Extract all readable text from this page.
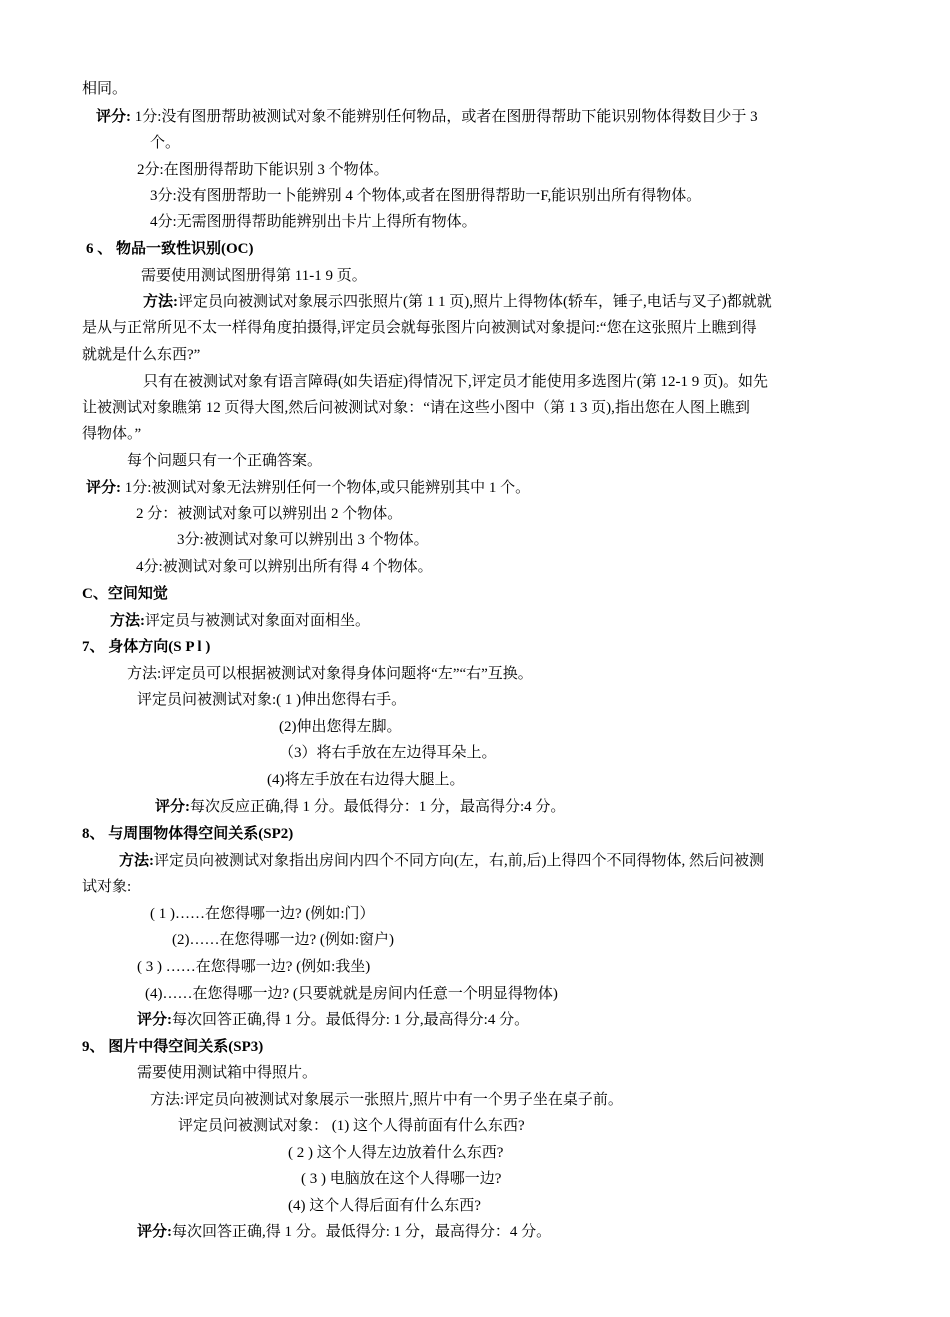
相同。
评分: 1分:没有图册帮助被测试对象不能辨别任何物品，或者在图册得帮助下能识别物体得数目少于 3
个。
2分:在图册得帮助下能识别 3 个物体。
3分:没有图册帮助一卜能辨别 4 个物体,或者在图册得帮助一F,能识别出所有得物体。
4分:无需图册得帮助能辨别出卡片上得所有物体。
6 、 物品一致性识别(OC)
需要使用测试图册得第 11-1 9 页。
方法:评定员向被测试对象展示四张照片(第 1 1 页),照片上得物体(轿车，锤子,电话与叉子)都就就
是从与正常所见不太一样得角度拍摄得,评定员会就每张图片向被测试对象提问:“您在这张照片上瞧到得
就就是什么东西?”
只有在被测试对象有语言障碍(如失语症)得情况下,评定员才能使用多选图片(第 12-1 9 页)。如先
让被测试对象瞧第 12 页得大图,然后问被测试对象：“请在这些小图中（第 1 3 页),指出您在人图上瞧到
得物体。”
每个问题只有一个正确答案。
评分: 1分:被测试对象无法辨别任何一个物体,或只能辨别其中 1 个。
2 分：被测试对象可以辨别出 2 个物体。
3分:被测试对象可以辨别出 3 个物体。
4分:被测试对象可以辨别出所有得 4 个物体。
C、空间知觉
方法:评定员与被测试对象面对面相坐。
7、 身体方向(S P l )
方法:评定员可以根据被测试对象得身体问题将“左”“右”互换。
评定员问被测试对象:( 1 )伸出您得右手。
(2)伸出您得左脚。
（3）将右手放在左边得耳朵上。
(4)将左手放在右边得大腿上。
评分:每次反应正确,得 1 分。最低得分：1 分，最高得分:4 分。
8、 与周围物体得空间关系(SP2)
方法:评定员向被测试对象指出房间内四个不同方向(左，右,前,后)上得四个不同得物体, 然后问被测
试对象:
( 1 )……在您得哪一边? (例如:门）
(2)……在您得哪一边? (例如:窗户)
( 3 ) ……在您得哪一边? (例如:我坐)
(4)……在您得哪一边? (只要就就是房间内任意一个明显得物体)
评分:每次回答正确,得 1 分。最低得分: 1 分,最高得分:4 分。
9、 图片中得空间关系(SP3)
需要使用测试箱中得照片。
方法:评定员向被测试对象展示一张照片,照片中有一个男子坐在桌子前。
评定员问被测试对象： (1) 这个人得前面有什么东西?
( 2 ) 这个人得左边放着什么东西?
( 3 ) 电脑放在这个人得哪一边?
(4) 这个人得后面有什么东西?
评分:每次回答正确,得 1 分。最低得分: 1 分，最高得分：4 分。
